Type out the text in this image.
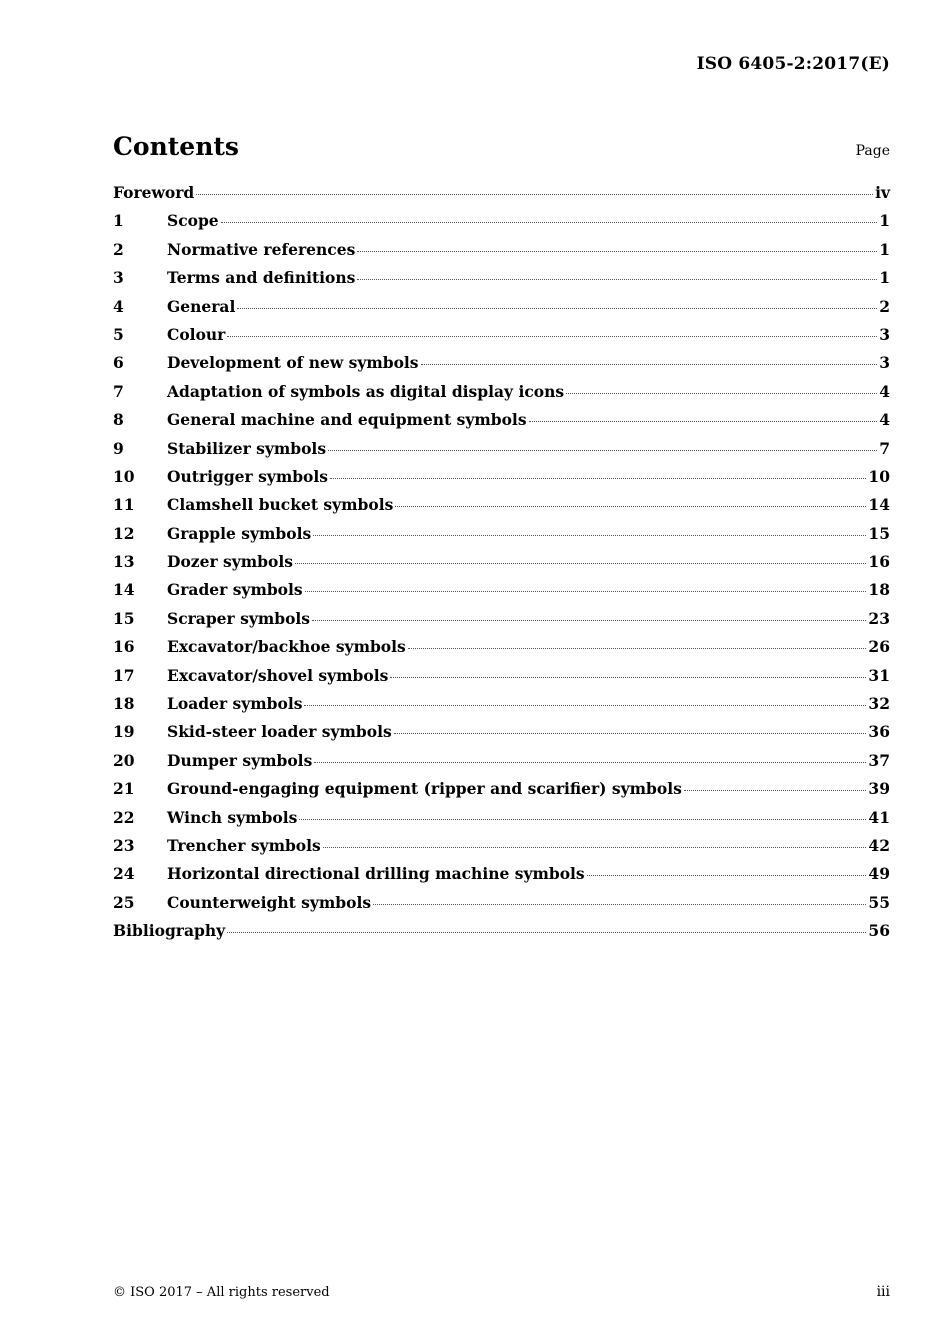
ISO 6405-2:2017(E)
Contents	Page
Foreword	iv
1	Scope	1
2	Normative references	1
3	Terms and definitions	1
4	General	2
5	Colour	3
6	Development of new symbols	3
7	Adaptation of symbols as digital display icons	4
8	General machine and equipment symbols	4
9	Stabilizer symbols	7
10	Outrigger symbols	10
11	Clamshell bucket symbols	14
12	Grapple symbols	15
13	Dozer symbols	16
14	Grader symbols	18
15	Scraper symbols	23
16	Excavator/backhoe symbols	26
17	Excavator/shovel symbols	31
18	Loader symbols	32
19	Skid-steer loader symbols	36
20	Dumper symbols	37
21	Ground-engaging equipment (ripper and scarifier) symbols	39
22	Winch symbols	41
23	Trencher symbols	42
24	Horizontal directional drilling machine symbols	49
25	Counterweight symbols	55
Bibliography	56
© ISO 2017 – All rights reserved	iii
